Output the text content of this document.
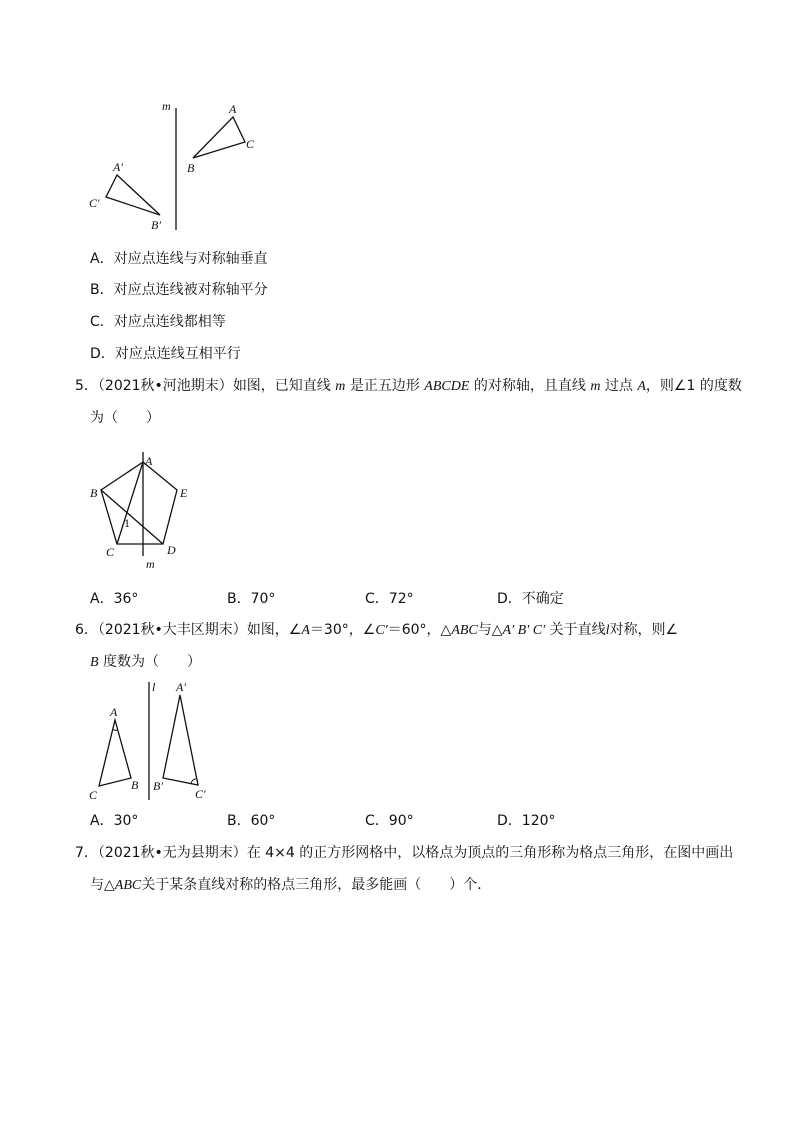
m	A
C
B
A′
C′
B′
A．对应点连线与对称轴垂直
B．对应点连线被对称轴平分
C．对应点连线都相等
D．对应点连线互相平行
5．（2021秋•河池期末）如图，已知直线 m 是正五边形 ABCDE 的对称轴，且直线 m 过点 A，则∠1 的度数
为（　　）
A
B	E
C	D
1
m
A．36°	B．70°	C．72°	D．不确定
6．（2021秋•大丰区期末）如图，∠A＝30°，∠C′＝60°，△ABC与△A′ B′ C′ 关于直线l对称，则∠
B 度数为（　　）
l
A
B
C
A′
B′
C′
A．30°	B．60°	C．90°	D．120°
7．（2021秋•无为县期末）在 4×4 的正方形网格中，以格点为顶点的三角形称为格点三角形，在图中画出
与△ABC关于某条直线对称的格点三角形，最多能画（　　）个．
